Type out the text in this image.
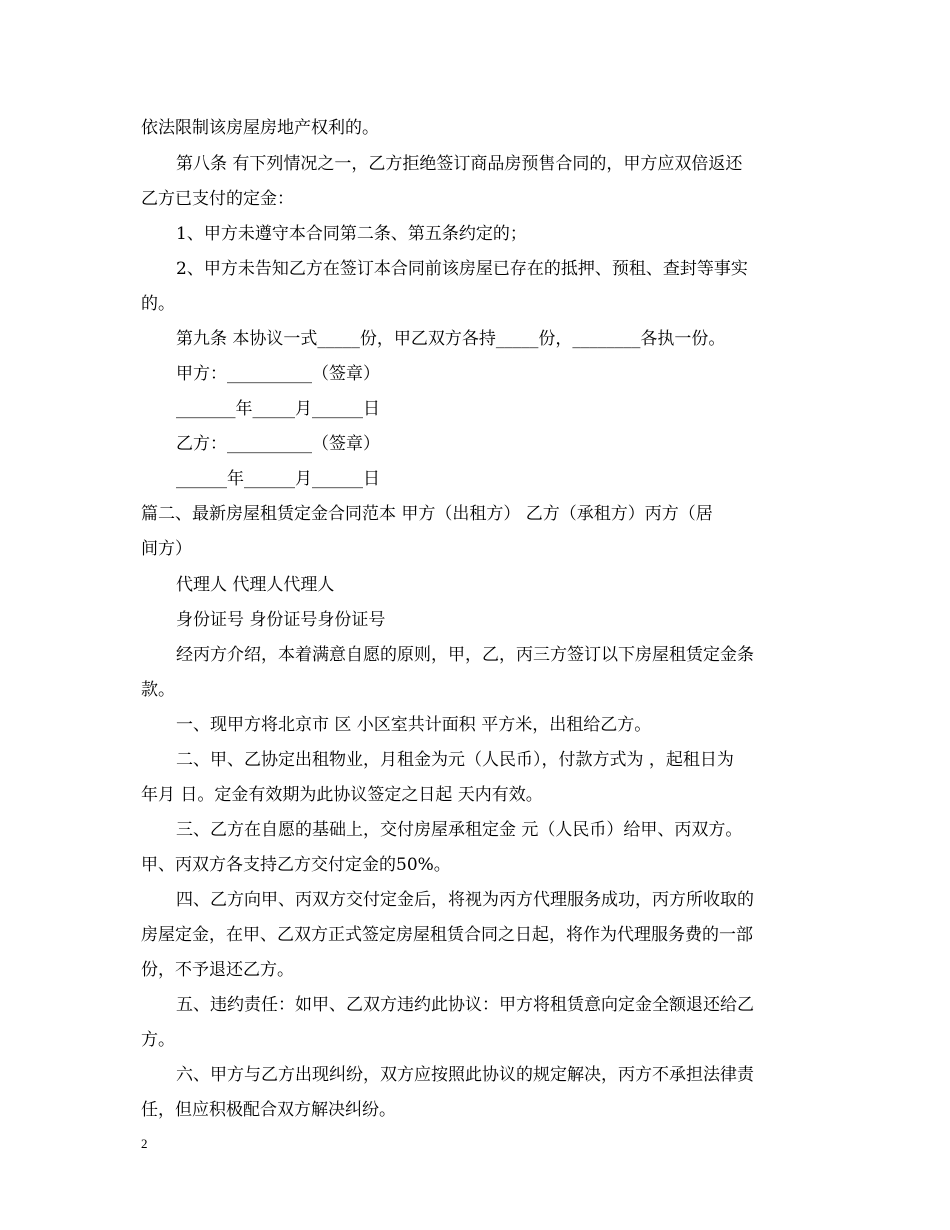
依法限制该房屋房地产权利的。
第八条 有下列情况之一，乙方拒绝签订商品房预售合同的，甲方应双倍返还
乙方已支付的定金：
1、甲方未遵守本合同第二条、第五条约定的；
2、甲方未告知乙方在签订本合同前该房屋已存在的抵押、预租、查封等事实
的。
第九条 本协议一式_____份，甲乙双方各持_____份，________各执一份。
甲方：__________（签章）
_______年_____月______日
乙方：__________（签章）
______年______月______日
篇二、最新房屋租赁定金合同范本 甲方（出租方） 乙方（承租方）丙方（居
间方）
代理人 代理人代理人
身份证号 身份证号身份证号
经丙方介绍，本着满意自愿的原则，甲，乙，丙三方签订以下房屋租赁定金条
款。
一、现甲方将北京市 区 小区室共计面积 平方米，出租给乙方。
二、甲、乙协定出租物业，月租金为元（人民币），付款方式为 ，起租日为
年月 日。定金有效期为此协议签定之日起 天内有效。
三、乙方在自愿的基础上，交付房屋承租定金 元（人民币）给甲、丙双方。
甲、丙双方各支持乙方交付定金的50%。
四、乙方向甲、丙双方交付定金后，将视为丙方代理服务成功，丙方所收取的
房屋定金，在甲、乙双方正式签定房屋租赁合同之日起，将作为代理服务费的一部
份，不予退还乙方。
五、违约责任：如甲、乙双方违约此协议：甲方将租赁意向定金全额退还给乙
方。
六、甲方与乙方出现纠纷，双方应按照此协议的规定解决，丙方不承担法律责
任，但应积极配合双方解决纠纷。
2
